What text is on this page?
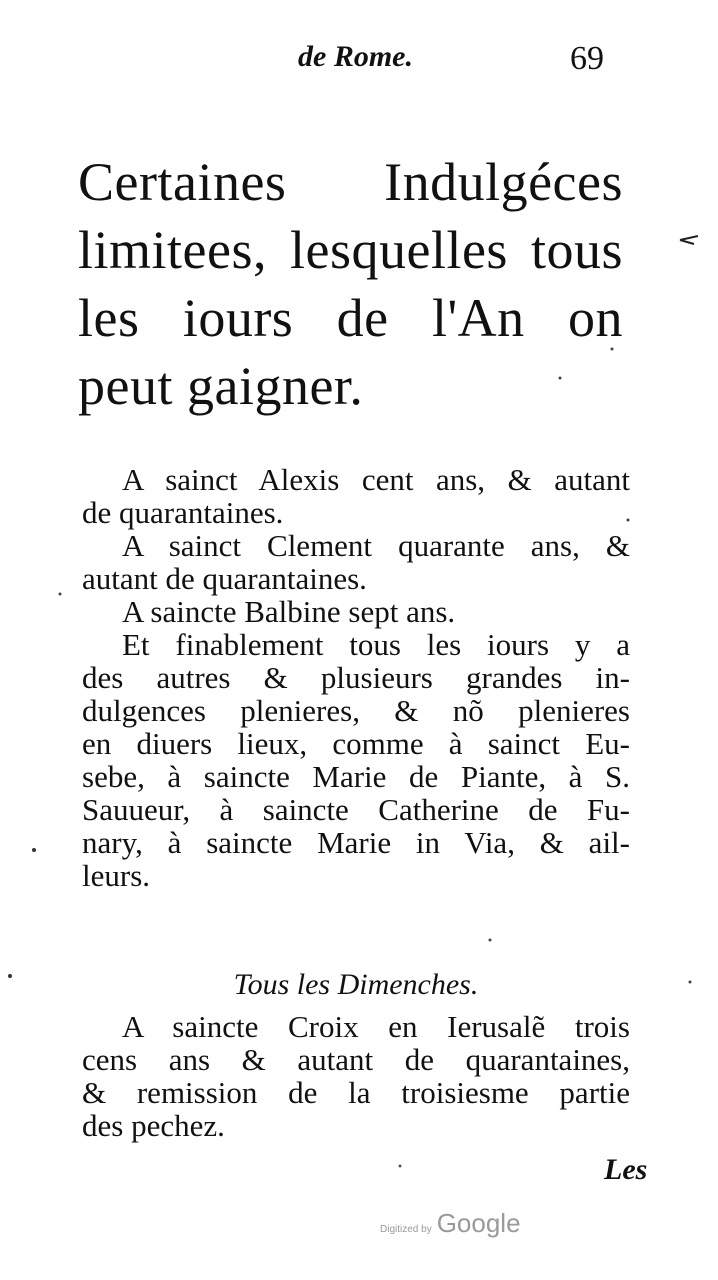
de Rome.	69
Certaines Indulgéces
limitees, lesquelles tous
les iours de l'An on
peut gaigner.

A sainct Alexis cent ans, & autant
de quarantaines.

A sainct Clement quarante ans, &
autant de quarantaines.

A saincte Balbine sept ans.

Et finablement tous les iours y a
des autres & plusieurs grandes in-
dulgences plenieres, & nõ plenieres
en diuers lieux, comme à sainct Eu-
sebe, à saincte Marie de Piante, à S.
Sauueur, à saincte Catherine de Fu-
nary, à saincte Marie in Via, & ail-
leurs.

Tous les Dimenches.

A saincte Croix en Ierusalẽ trois
cens ans & autant de quarantaines,
& remission de la troisiesme partie
des pechez.

Les
Digitized by Google
